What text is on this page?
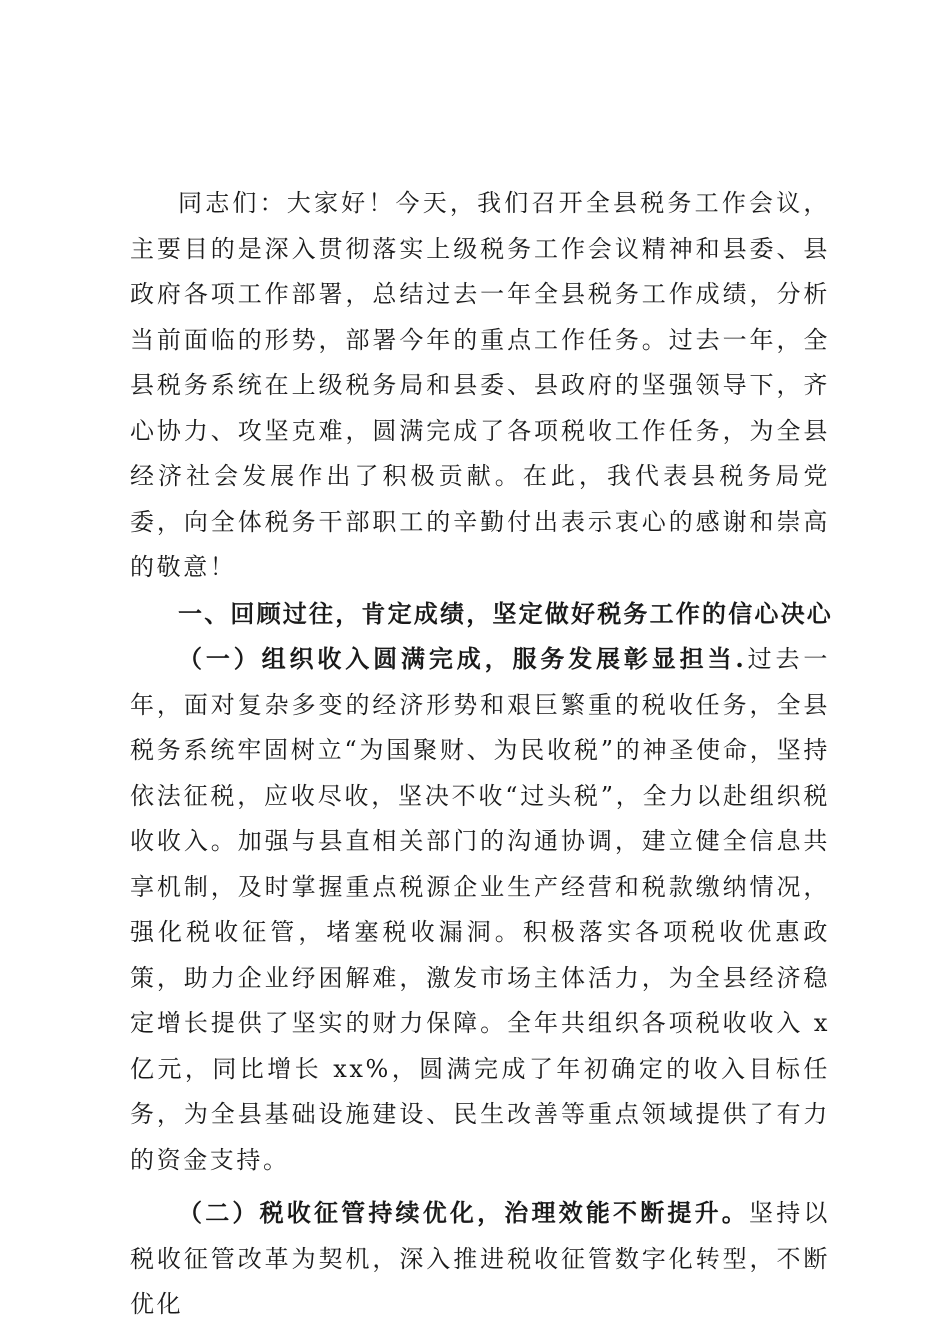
同志们：大家好！今天，我们召开全县税务工作会议，主要目的是深入贯彻落实上级税务工作会议精神和县委、县政府各项工作部署，总结过去一年全县税务工作成绩，分析当前面临的形势，部署今年的重点工作任务。过去一年，全县税务系统在上级税务局和县委、县政府的坚强领导下，齐心协力、攻坚克难，圆满完成了各项税收工作任务，为全县经济社会发展作出了积极贡献。在此，我代表县税务局党委，向全体税务干部职工的辛勤付出表示衷心的感谢和崇高的敬意！

一、回顾过往，肯定成绩，坚定做好税务工作的信心决心

（一）组织收入圆满完成，服务发展彰显担当.过去一年，面对复杂多变的经济形势和艰巨繁重的税收任务，全县税务系统牢固树立“为国聚财、为民收税”的神圣使命，坚持依法征税，应收尽收，坚决不收“过头税”，全力以赴组织税收收入。加强与县直相关部门的沟通协调，建立健全信息共享机制，及时掌握重点税源企业生产经营和税款缴纳情况，强化税收征管，堵塞税收漏洞。积极落实各项税收优惠政策，助力企业纾困解难，激发市场主体活力，为全县经济稳定增长提供了坚实的财力保障。全年共组织各项税收收入 x 亿元，同比增长 xx%，圆满完成了年初确定的收入目标任务，为全县基础设施建设、民生改善等重点领域提供了有力的资金支持。

（二）税收征管持续优化，治理效能不断提升。坚持以税收征管改革为契机，深入推进税收征管数字化转型，不断优化
